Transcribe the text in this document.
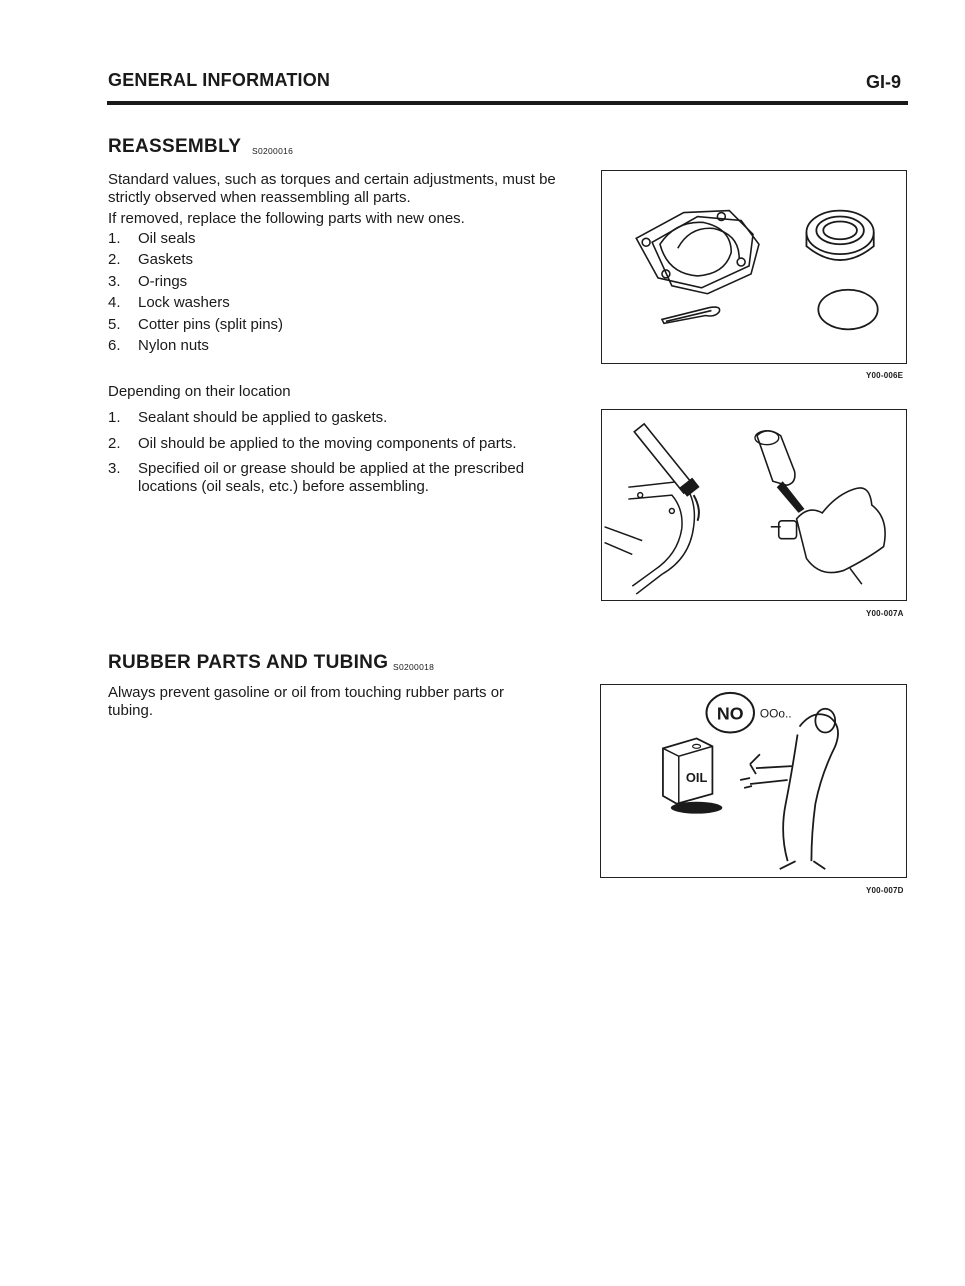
GENERAL INFORMATION	GI-9
REASSEMBLY S0200016
Standard values, such as torques and certain adjustments, must be strictly observed when reassembling all parts.
If removed, replace the following parts with new ones.
1. Oil seals
2. Gaskets
3. O-rings
4. Lock washers
5. Cotter pins (split pins)
6. Nylon nuts
Depending on their location
1. Sealant should be applied to gaskets.
2. Oil should be applied to the moving components of parts.
3. Specified oil or grease should be applied at the prescribed locations (oil seals, etc.) before assembling.
RUBBER PARTS AND TUBING S0200018
Always prevent gasoline or oil from touching rubber parts or tubing.
Y00-006E
Y00-007A
NO OOo..
OIL
Y00-007D
